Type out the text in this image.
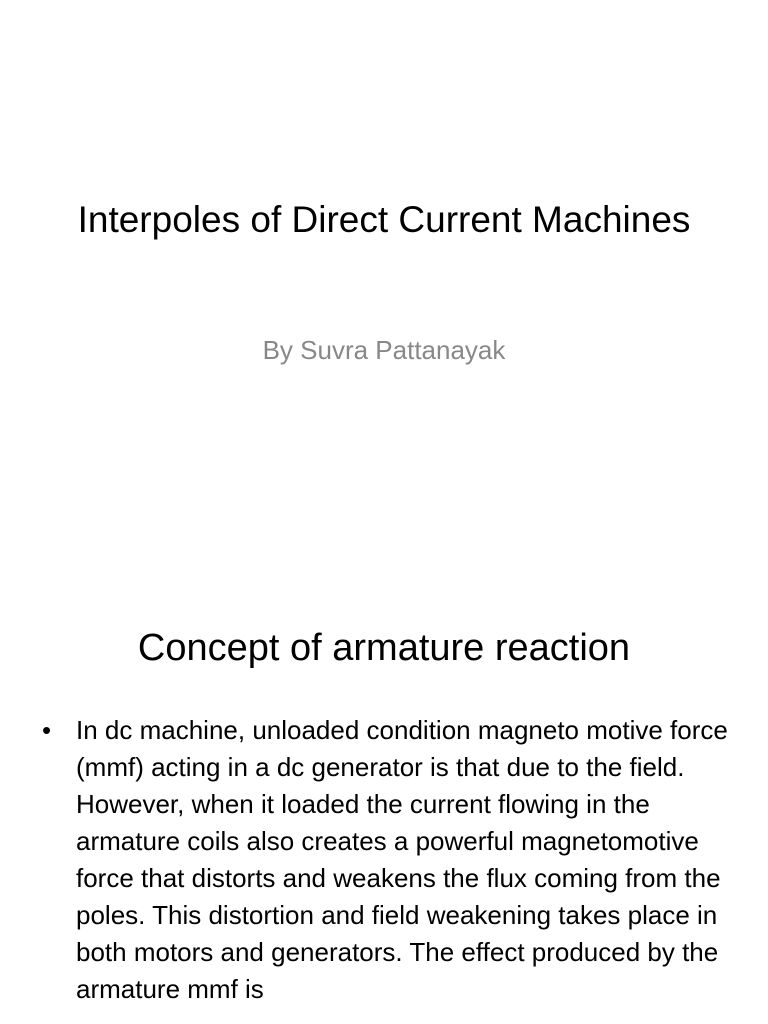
Interpoles of Direct Current Machines

By Suvra Pattanayak

Concept of armature reaction
• In dc machine, unloaded condition magneto motive force (mmf) acting in a dc generator is that due to the field. However, when it loaded the current flowing in the armature coils also creates a powerful magnetomotive force that distorts and weakens the flux coming from the poles. This distortion and field weakening takes place in both motors and generators. The effect produced by the armature mmf is
